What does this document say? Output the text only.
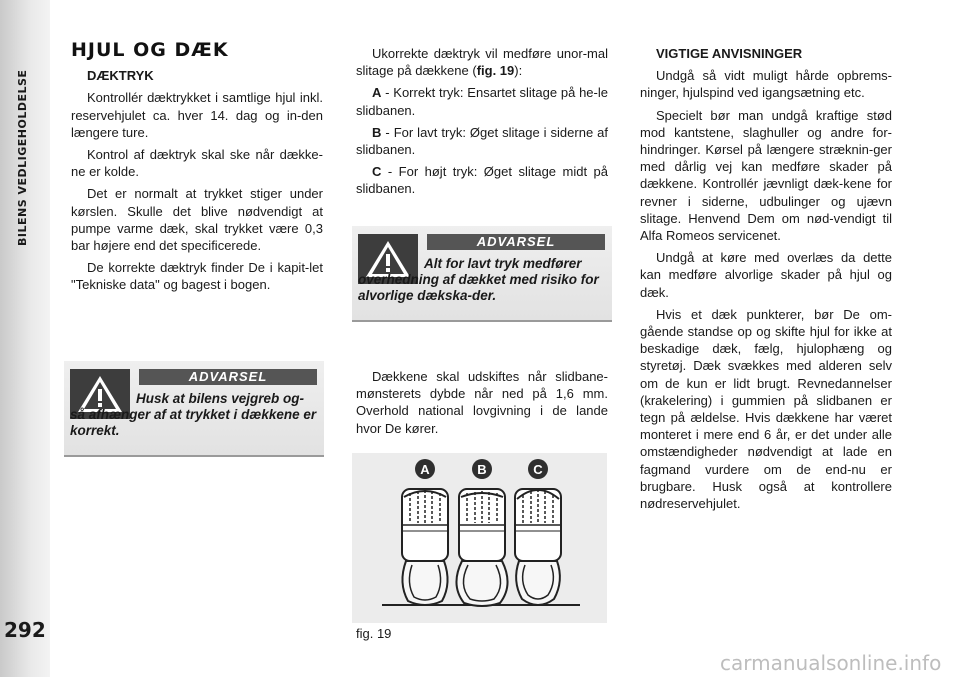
BILENS VEDLIGEHOLDELSE
292
HJUL OG DÆK

DÆKTRYK

Kontrollér dæktrykket i samtlige hjul inkl. reservehjulet ca. hver 14. dag og in-den længere ture.

Kontrol af dæktryk skal ske når dække-ne er kolde.

Det er normalt at trykket stiger under kørslen. Skulle det blive nødvendigt at pumpe varme dæk, skal trykket være 0,3 bar højere end det specificerede.

De korrekte dæktryk finder De i kapit-let "Tekniske data" og bagest i bogen.

ADVARSEL
Husk at bilens vejgreb og-så afhænger af at trykket i dækkene er korrekt.

Ukorrekte dæktryk vil medføre unor-mal slitage på dækkene (fig. 19):

A - Korrekt tryk: Ensartet slitage på he-le slidbanen.

B - For lavt tryk: Øget slitage i siderne af slidbanen.

C - For højt tryk: Øget slitage midt på slidbanen.

ADVARSEL
Alt for lavt tryk medfører overhedning af dækket med risiko for alvorlige dækska-der.

Dækkene skal udskiftes når slidbane-mønsterets dybde når ned på 1,6 mm. Overhold national lovgivning i de lande hvor De kører.

A	B	C
fig. 19

VIGTIGE ANVISNINGER

Undgå så vidt muligt hårde opbrems-ninger, hjulspind ved igangsætning etc.

Specielt bør man undgå kraftige stød mod kantstene, slaghuller og andre for-hindringer. Kørsel på længere stræknin-ger med dårlig vej kan medføre skader på dækkene. Kontrollér jævnligt dæk-kene for revner i siderne, udbulinger og ujævn slitage. Henvend Dem om nød-vendigt til Alfa Romeos servicenet.

Undgå at køre med overlæs da dette kan medføre alvorlige skader på hjul og dæk.

Hvis et dæk punkterer, bør De om-gående standse op og skifte hjul for ikke at beskadige dæk, fælg, hjulophæng og styretøj. Dæk svækkes med alderen selv om de kun er lidt brugt. Revnedannelser (krakelering) i gummien på slidbanen er tegn på ældelse. Hvis dækkene har været monteret i mere end 6 år, er det under alle omstændigheder nødvendigt at lade en fagmand vurdere om de end-nu er brugbare. Husk også at kontrollere nødreservehjulet.

carmanualsonline.info
